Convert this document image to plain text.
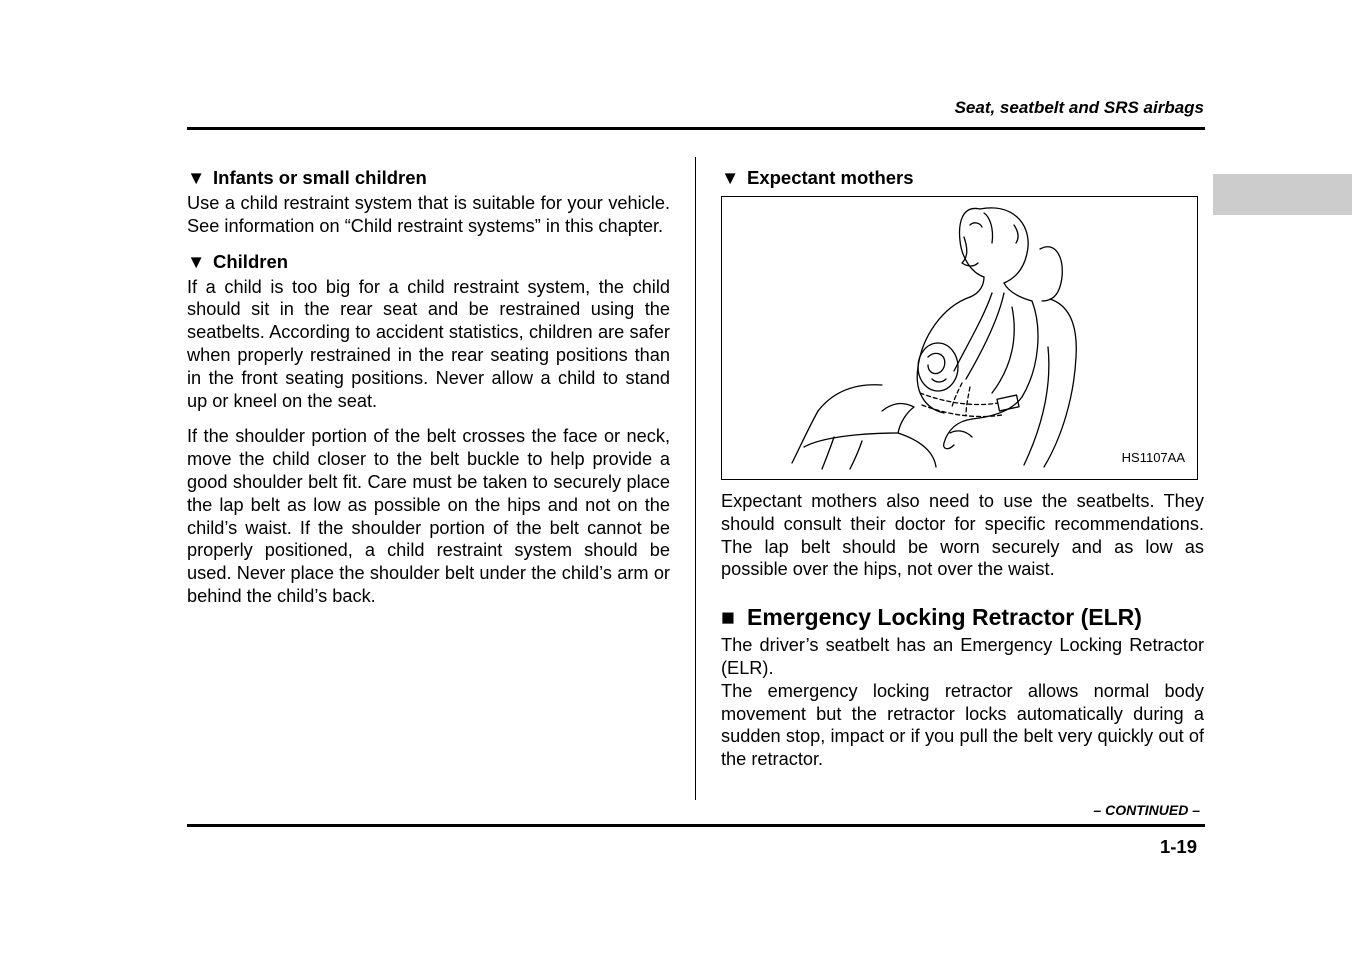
Seat, seatbelt and SRS airbags
▼ Infants or small children

Use a child restraint system that is suitable for your vehicle. See information on “Child restraint systems” in this chapter.

▼ Children

If a child is too big for a child restraint system, the child should sit in the rear seat and be restrained using the seatbelts. According to accident statistics, children are safer when properly restrained in the rear seating positions than in the front seating positions. Never allow a child to stand up or kneel on the seat.

If the shoulder portion of the belt crosses the face or neck, move the child closer to the belt buckle to help provide a good shoulder belt fit. Care must be taken to securely place the lap belt as low as possible on the hips and not on the child’s waist. If the shoulder portion of the belt cannot be properly positioned, a child restraint system should be used. Never place the shoulder belt under the child’s arm or behind the child’s back.

▼ Expectant mothers
HS1107AA

Expectant mothers also need to use the seatbelts. They should consult their doctor for specific recommendations. The lap belt should be worn securely and as low as possible over the hips, not over the waist.

■ Emergency Locking Retractor (ELR)

The driver’s seatbelt has an Emergency Locking Retractor (ELR).

The emergency locking retractor allows normal body movement but the retractor locks automatically during a sudden stop, impact or if you pull the belt very quickly out of the retractor.

– CONTINUED –
1-19
